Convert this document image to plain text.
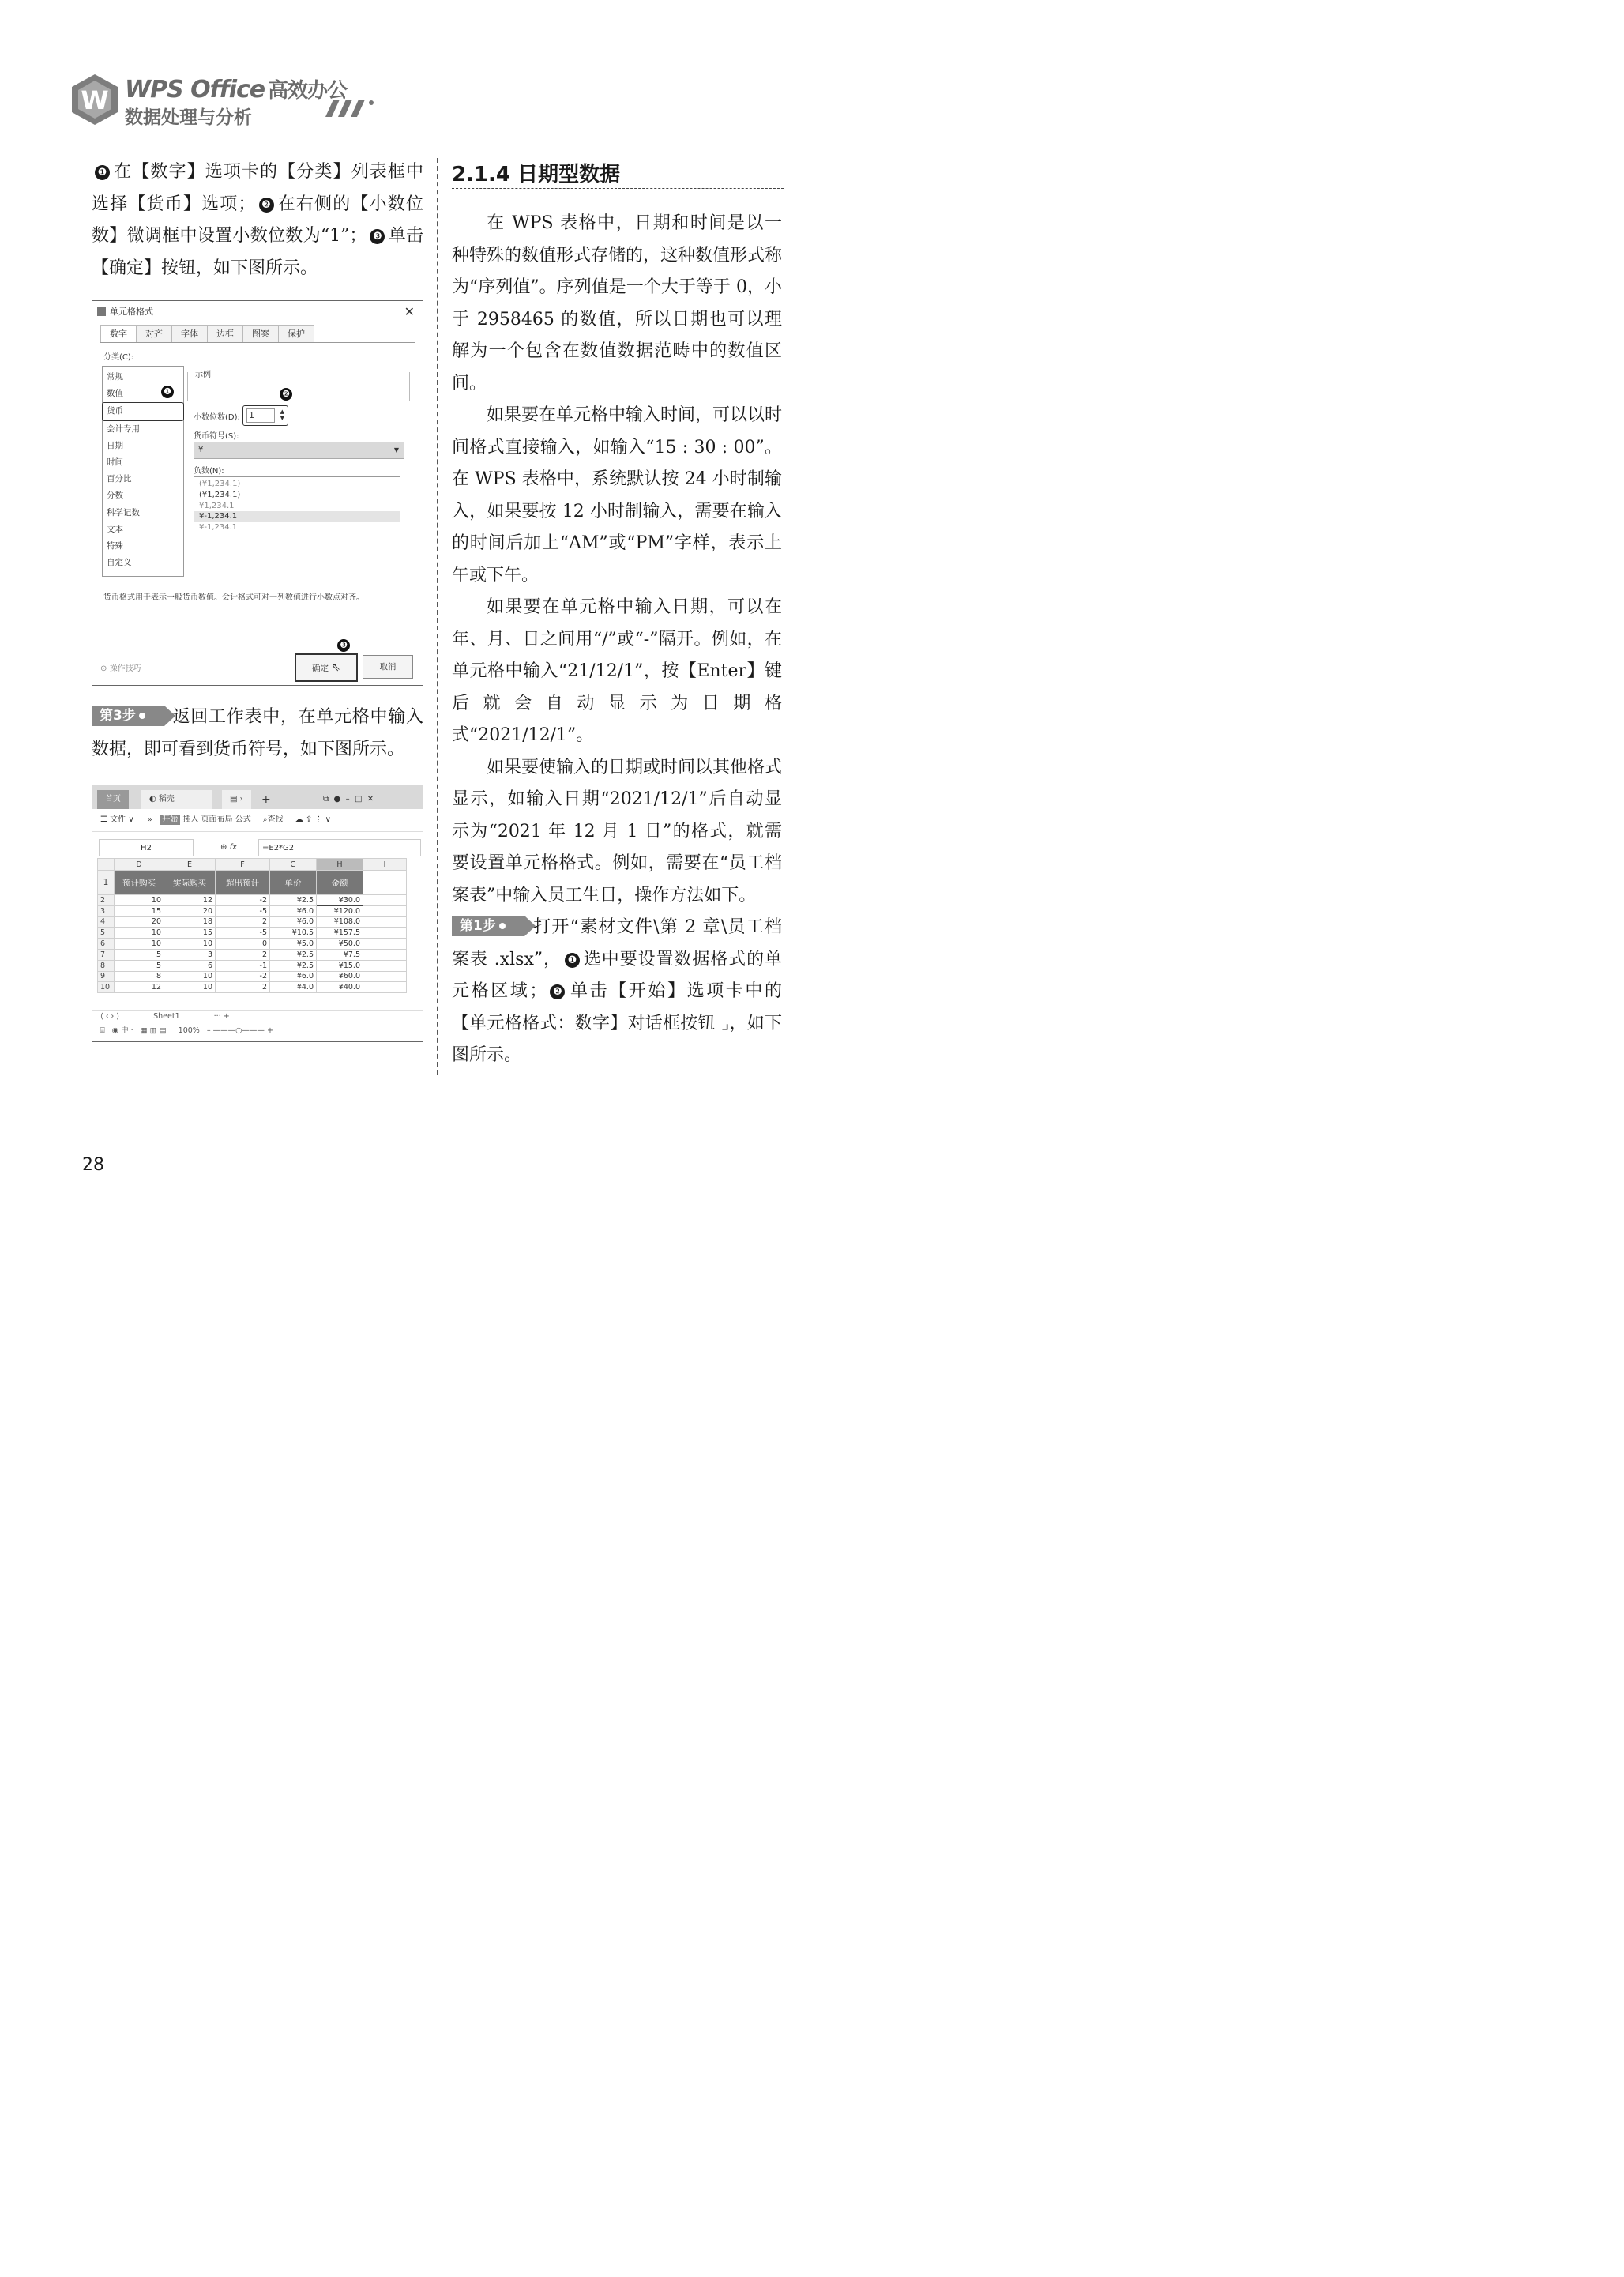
W WPS Office 高效办公
数据处理与分析
❶ 在【数字】选项卡的【分类】列表框中选择【货币】选项； ❷ 在右侧的【小数位数】微调框中设置小数位数为“1”； ❸ 单击【确定】按钮，如下图所示。
单元格格式	✕
数字	对齐	字体	边框	图案	保护
分类(C):
常规
数值
货币
会计专用
日期
时间
百分比
分数
科学记数
文本
特殊
自定义
❶
示例
小数位数(D): 1	▲
▼
❷
货币符号(S):
¥	▼
负数(N):
(¥1,234.1)
(¥1,234.1)
¥1,234.1
¥-1,234.1
¥-1,234.1
货币格式用于表示一般货币数值。会计格式可对一列数值进行小数点对齐。
⊙ 操作技巧
❸
确定 ⇖	取消
第3步 返回工作表中，在单元格中输入数据，即可看到货币符号，如下图所示。
首页	◐ 稻壳	▤ ›	+	⧉ ● – □ ✕
☰ 文件 ∨ » 开始 插入 页面布局 公式 ⌕查找 ☁ ⇪ ⋮ ∨
H2	⊕ fx	=E2*G2
	D	E	F	G	H	I
1	预计购买	实际购买	超出预计	单价	金额	
2	10	12	-2	¥2.5	¥30.0	
3	15	20	-5	¥6.0	¥120.0	
4	20	18	2	¥6.0	¥108.0	
5	10	15	-5	¥10.5	¥157.5	
6	10	10	0	¥5.0	¥50.0	
7	5	3	2	¥2.5	¥7.5	
8	5	6	-1	¥2.5	¥15.0	
9	8	10	-2	¥6.0	¥60.0	
10	12	10	2	¥4.0	¥40.0	
⟨ ‹ › ⟩	Sheet1	··· +
⌸   ◉ 中 ·   ▦ ▥ ▤ 100% – ———○——— +
2.1.4 日期型数据

在 WPS 表格中，日期和时间是以一种特殊的数值形式存储的，这种数值形式称为“序列值”。序列值是一个大于等于 0，小于 2958465 的数值，所以日期也可以理解为一个包含在数值数据范畴中的数值区间。

如果要在单元格中输入时间，可以以时间格式直接输入，如输入“15 : 30 : 00”。在 WPS 表格中，系统默认按 24 小时制输入，如果要按 12 小时制输入，需要在输入的时间后加上“AM”或“PM”字样，表示上午或下午。

如果要在单元格中输入日期，可以在年、月、日之间用“/”或“-”隔开。例如，在单元格中输入“21/12/1”，按【Enter】键后就会自动显示为日期格式“2021/12/1”。

如果要使输入的日期或时间以其他格式显示，如输入日期“2021/12/1”后自动显示为“2021 年 12 月 1 日”的格式，就需要设置单元格格式。例如，需要在“员工档案表”中输入员工生日，操作方法如下。

第1步 打开“素材文件\第 2 章\员工档案表 .xlsx”， ❶ 选中要设置数据格式的单元格区域； ❷ 单击【开始】选项卡中的【单元格格式：数字】对话框按钮 ⌟，如下图所示。

28
